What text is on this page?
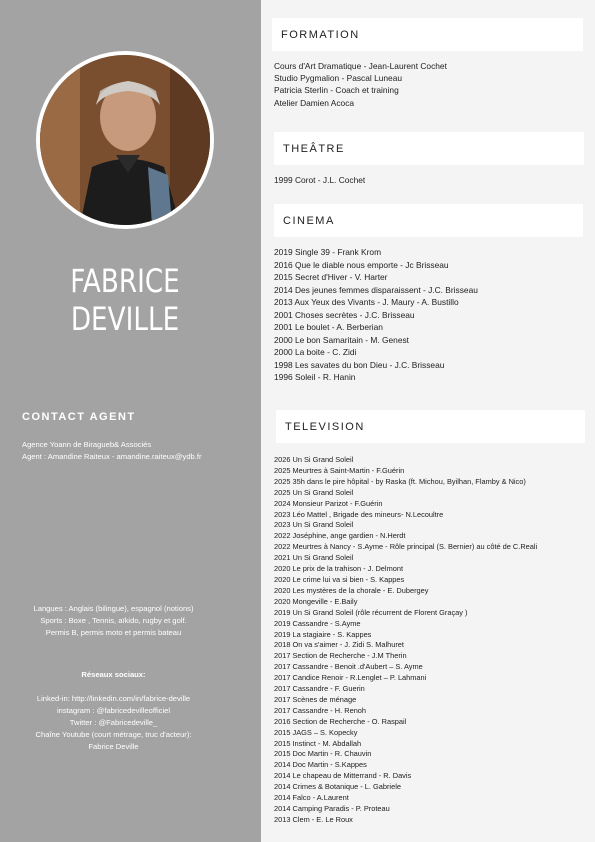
FABRICE DEVILLE
CONTACT AGENT

Agence Yoann de Biragueb& Associés

Agent : Amandine Raiteux - amandine.raiteux@ydb.fr

Langues : Anglais (bilingue), espagnol (notions)
Sports : Boxe , Tennis, aïkido, rugby et golf.
Permis B, permis moto et permis bateau
Réseaux sociaux:
Linked-in: http://linkedin.com/in/fabrice-deville
instagram : @fabricedevilleofficiel
Twitter : @Fabricedeville_
Chaîne Youtube (court métrage, truc d'acteur):
Fabrice Deville
FORMATION
Cours d'Art Dramatique - Jean-Laurent Cochet
Studio Pygmalion - Pascal Luneau
Patricia Sterlin - Coach et training
Atelier Damien Acoca
THEÂTRE
1999 Corot - J.L. Cochet
CINEMA
2019 Single 39 - Frank Krom
2016 Que le diable nous emporte - Jc Brisseau
2015 Secret d'Hiver - V. Harter
2014 Des jeunes femmes disparaissent - J.C. Brisseau
2013 Aux Yeux des Vivants - J. Maury - A. Bustillo
2001 Choses secrètes - J.C. Brisseau
2001 Le boulet - A. Berberian
2000 Le bon Samaritain - M. Genest
2000 La boite - C. Zidi
1998 Les savates du bon Dieu - J.C. Brisseau
1996 Soleil - R. Hanin
TELEVISION
2026 Un Si Grand Soleil
2025 Meurtres à Saint-Martin - F.Guérin
2025 35h dans le pire hôpital - by Raska (ft. Michou, Byilhan, Flamby & Nico)
2025 Un Si Grand Soleil
2024 Monsieur Parizot - F.Guérin
2023 Léo Mattel , Brigade des mineurs- N.Lecoultre
2023 Un Si Grand Soleil
2022 Joséphine, ange gardien - N.Herdt
2022 Meurtres à Nancy - S.Ayme - Rôle principal (S. Bernier) au côté de C.Reali
2021 Un Si Grand Soleil
2020 Le prix de la trahison - J. Delmont
2020 Le crime lui va si bien - S. Kappes
2020 Les mystères de la chorale - E. Dubergey
2020 Mongeville - E.Baily
2019 Un Si Grand Soleil (rôle récurrent de Florent Graçay )
2019 Cassandre - S.Ayme
2019 La stagiaire - S. Kappes
2018 On va s'aimer - J. Zidi S. Malhuret
2017 Section de Recherche - J.M Therin
2017 Cassandre - Benoit .d'Aubert – S. Ayme
2017 Candice Renoir - R.Lenglet – P. Lahmani
2017 Cassandre - F. Guerin
2017 Scènes de ménage
2017 Cassandre - H. Renoh
2016 Section de Recherche - O. Raspail
2015 JAGS – S. Kopecky
2015 Instinct - M. Abdallah
2015 Doc Martin - R. Chauvin
2014 Doc Martin - S.Kappes
2014 Le chapeau de Mitterrand - R. Davis
2014 Crimes & Botanique - L. Gabriele
2014 Falco - A.Laurent
2014 Camping Paradis - P. Proteau
2013 Clem - E. Le Roux
